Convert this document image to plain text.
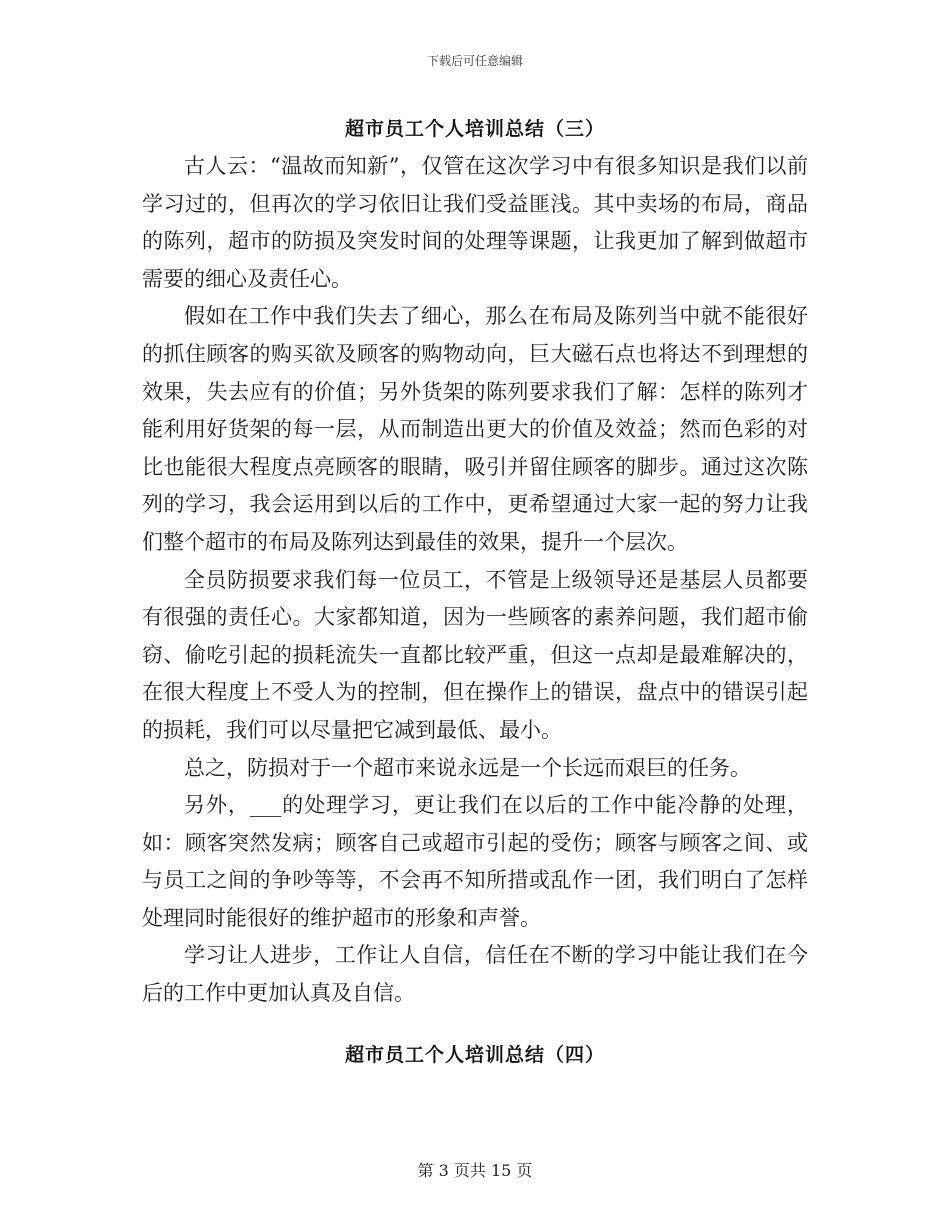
下载后可任意编辑
超市员工个人培训总结（三）

古人云：“温故而知新”，仅管在这次学习中有很多知识是我们以前学习过的，但再次的学习依旧让我们受益匪浅。其中卖场的布局，商品的陈列，超市的防损及突发时间的处理等课题，让我更加了解到做超市需要的细心及责任心。

假如在工作中我们失去了细心，那么在布局及陈列当中就不能很好的抓住顾客的购买欲及顾客的购物动向，巨大磁石点也将达不到理想的效果，失去应有的价值；另外货架的陈列要求我们了解：怎样的陈列才能利用好货架的每一层，从而制造出更大的价值及效益；然而色彩的对比也能很大程度点亮顾客的眼睛，吸引并留住顾客的脚步。通过这次陈列的学习，我会运用到以后的工作中，更希望通过大家一起的努力让我们整个超市的布局及陈列达到最佳的效果，提升一个层次。

全员防损要求我们每一位员工，不管是上级领导还是基层人员都要有很强的责任心。大家都知道，因为一些顾客的素养问题，我们超市偷窃、偷吃引起的损耗流失一直都比较严重，但这一点却是最难解决的，在很大程度上不受人为的控制，但在操作上的错误，盘点中的错误引起的损耗，我们可以尽量把它减到最低、最小。

总之，防损对于一个超市来说永远是一个长远而艰巨的任务。

另外，___的处理学习，更让我们在以后的工作中能冷静的处理，如：顾客突然发病；顾客自己或超市引起的受伤；顾客与顾客之间、或与员工之间的争吵等等，不会再不知所措或乱作一团，我们明白了怎样处理同时能很好的维护超市的形象和声誉。

学习让人进步，工作让人自信，信任在不断的学习中能让我们在今后的工作中更加认真及自信。

超市员工个人培训总结（四）
第 3 页共 15 页
